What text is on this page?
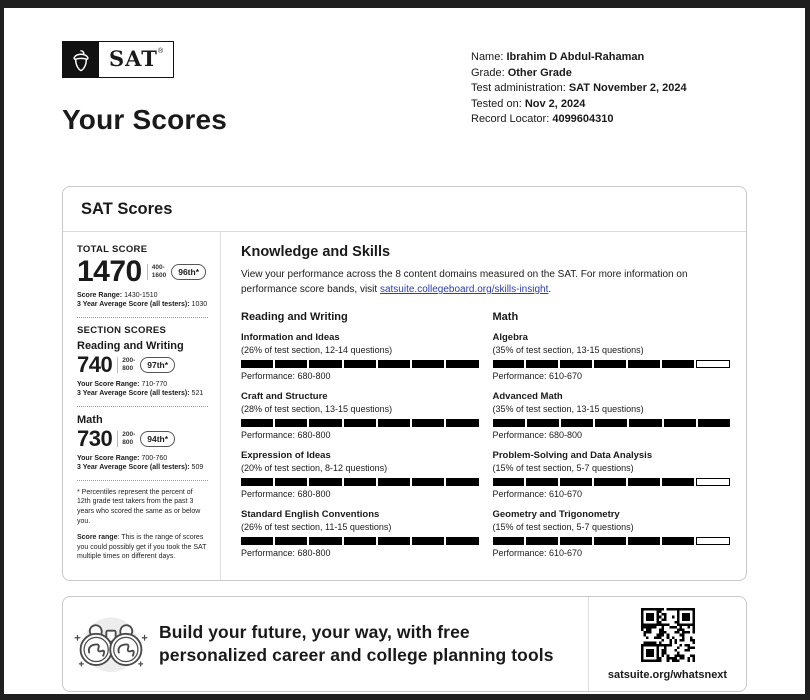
SAT ®
Your Scores
Name: Ibrahim D Abdul-Rahaman
Grade: Other Grade
Test administration: SAT November 2, 2024
Tested on: Nov 2, 2024
Record Locator: 4099604310
SAT Scores
TOTAL SCORE
1470 400-
1600	96th*
Score Range: 1430-1510
3 Year Average Score (all testers): 1030
SECTION SCORES
Reading and Writing
740 200-
800	97th*
Your Score Range: 710-770
3 Year Average Score (all testers): 521
Math
730 200-
800	94th*
Your Score Range: 700-760
3 Year Average Score (all testers): 509
* Percentiles represent the percent of 12th grade test takers from the past 3 years who scored the same as or below you.
Score range: This is the range of scores you could possibly get if you took the SAT multiple times on different days.
Knowledge and Skills

View your performance across the 8 content domains measured on the SAT. For more information on performance score bands, visit satsuite.collegeboard.org/skills-insight.

Reading and Writing
Information and Ideas
(26% of test section, 12-14 questions)
Performance: 680-800
Craft and Structure
(28% of test section, 13-15 questions)
Performance: 680-800
Expression of Ideas
(20% of test section, 8-12 questions)
Performance: 680-800
Standard English Conventions
(26% of test section, 11-15 questions)
Performance: 680-800
Math
Algebra
(35% of test section, 13-15 questions)
Performance: 610-670
Advanced Math
(35% of test section, 13-15 questions)
Performance: 680-800
Problem-Solving and Data Analysis
(15% of test section, 5-7 questions)
Performance: 610-670
Geometry and Trigonometry
(15% of test section, 5-7 questions)
Performance: 610-670
Build your future, your way, with free personalized career and college planning tools
satsuite.org/whatsnext
